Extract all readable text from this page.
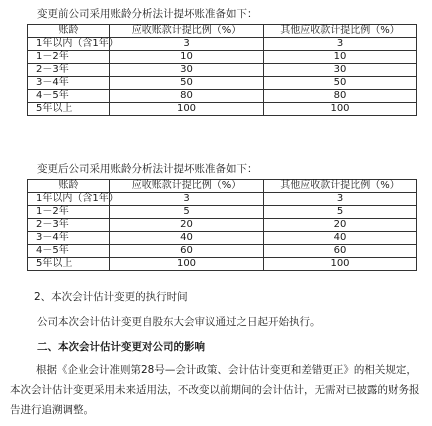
变更前公司采用账龄分析法计提坏账准备如下：
账龄	应收账款计提比例（%）	其他应收款计提比例（%）
1年以内（含1年）	3	3
1－2年	10	10
2－3年	30	30
3－4年	50	50
4－5年	80	80
5年以上	100	100
变更后公司采用账龄分析法计提坏账准备如下：
账龄	应收账款计提比例（%）	其他应收款计提比例（%）
1年以内（含1年）	3	3
1－2年	5	5
2－3年	20	20
3－4年	40	40
4－5年	60	60
5年以上	100	100
2、本次会计估计变更的执行时间
公司本次会计估计变更自股东大会审议通过之日起开始执行。
二、本次会计估计变更对公司的影响
根据《企业会计准则第28号—会计政策、会计估计变更和差错更正》的相关规定，本次会计估计变更采用未来适用法，不改变以前期间的会计估计，无需对已披露的财务报告进行追溯调整。
